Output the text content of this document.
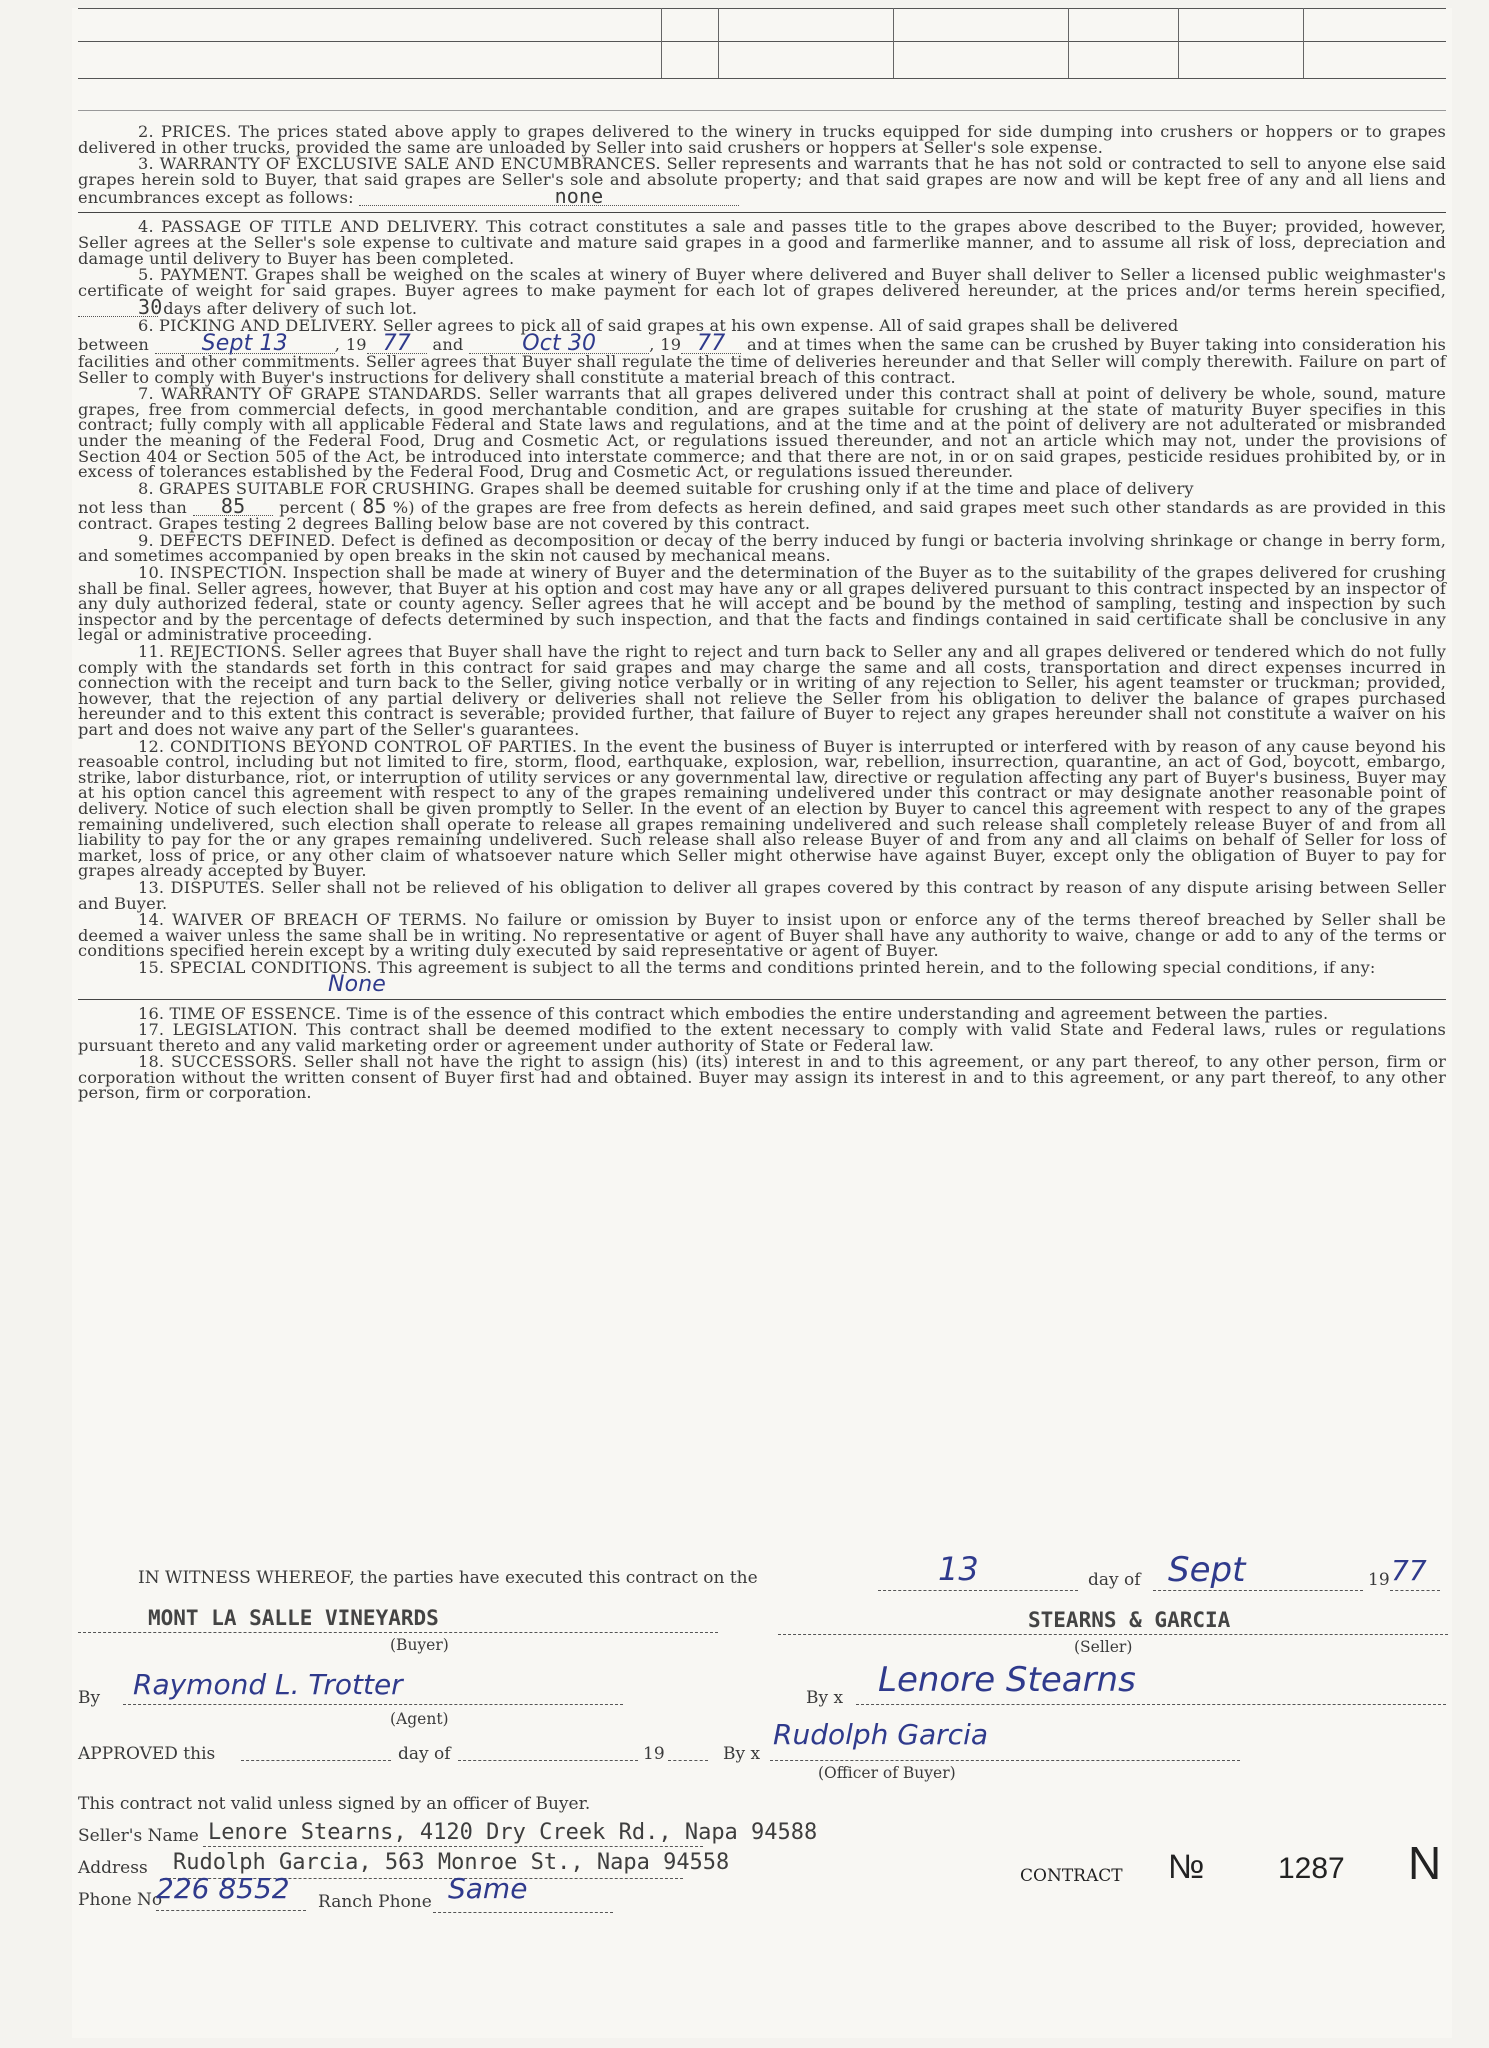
2. PRICES. The prices stated above apply to grapes delivered to the winery in trucks equipped for side dumping into crushers or hoppers or to grapes delivered in other trucks, provided the same are unloaded by Seller into said crushers or hoppers at Seller's sole expense.

3. WARRANTY OF EXCLUSIVE SALE AND ENCUMBRANCES. Seller represents and warrants that he has not sold or contracted to sell to anyone else said grapes herein sold to Buyer, that said grapes are Seller's sole and absolute property; and that said grapes are now and will be kept free of any and all liens and encumbrances except as follows:	none

4. PASSAGE OF TITLE AND DELIVERY. This cotract constitutes a sale and passes title to the grapes above described to the Buyer; provided, however, Seller agrees at the Seller's sole expense to cultivate and mature said grapes in a good and farmerlike manner, and to assume all risk of loss, depreciation and damage until delivery to Buyer has been completed.

5. PAYMENT. Grapes shall be weighed on the scales at winery of Buyer where delivered and Buyer shall deliver to Seller a licensed public weighmaster's certificate of weight for said grapes. Buyer agrees to make payment for each lot of grapes delivered hereunder, at the prices and/or terms herein specified, 30 days after delivery of such lot.

6. PICKING AND DELIVERY. Seller agrees to pick all of said grapes at his own expense. All of said grapes shall be delivered

between Sept 13	, 19 77 and	Oct 30	, 19 77 and at times when the same can be crushed by Buyer taking into consideration his facilities and other commitments. Seller agrees that Buyer shall regulate the time of deliveries hereunder and that Seller will comply therewith. Failure on part of Seller to comply with Buyer's instructions for delivery shall constitute a material breach of this contract.

7. WARRANTY OF GRAPE STANDARDS. Seller warrants that all grapes delivered under this contract shall at point of delivery be whole, sound, mature grapes, free from commercial defects, in good merchantable condition, and are grapes suitable for crushing at the state of maturity Buyer specifies in this contract; fully comply with all applicable Federal and State laws and regulations, and at the time and at the point of delivery are not adulterated or misbranded under the meaning of the Federal Food, Drug and Cosmetic Act, or regulations issued thereunder, and not an article which may not, under the provisions of Section 404 or Section 505 of the Act, be introduced into interstate commerce; and that there are not, in or on said grapes, pesticide residues prohibited by, or in excess of tolerances established by the Federal Food, Drug and Cosmetic Act, or regulations issued thereunder.

8. GRAPES SUITABLE FOR CRUSHING. Grapes shall be deemed suitable for crushing only if at the time and place of delivery

not less than 85 percent ( 85 %) of the grapes are free from defects as herein defined, and said grapes meet such other standards as are provided in this contract. Grapes testing 2 degrees Balling below base are not covered by this contract.

9. DEFECTS DEFINED. Defect is defined as decomposition or decay of the berry induced by fungi or bacteria involving shrinkage or change in berry form, and sometimes accompanied by open breaks in the skin not caused by mechanical means.

10. INSPECTION. Inspection shall be made at winery of Buyer and the determination of the Buyer as to the suitability of the grapes delivered for crushing shall be final. Seller agrees, however, that Buyer at his option and cost may have any or all grapes delivered pursuant to this contract inspected by an inspector of any duly authorized federal, state or county agency. Seller agrees that he will accept and be bound by the method of sampling, testing and inspection by such inspector and by the percentage of defects determined by such inspection, and that the facts and findings contained in said certificate shall be conclusive in any legal or administrative proceeding.

11. REJECTIONS. Seller agrees that Buyer shall have the right to reject and turn back to Seller any and all grapes delivered or tendered which do not fully comply with the standards set forth in this contract for said grapes and may charge the same and all costs, transportation and direct expenses incurred in connection with the receipt and turn back to the Seller, giving notice verbally or in writing of any rejection to Seller, his agent teamster or truckman; provided, however, that the rejection of any partial delivery or deliveries shall not relieve the Seller from his obligation to deliver the balance of grapes purchased hereunder and to this extent this contract is severable; provided further, that failure of Buyer to reject any grapes hereunder shall not constitute a waiver on his part and does not waive any part of the Seller's guarantees.

12. CONDITIONS BEYOND CONTROL OF PARTIES. In the event the business of Buyer is interrupted or interfered with by reason of any cause beyond his reasoable control, including but not limited to fire, storm, flood, earthquake, explosion, war, rebellion, insurrection, quarantine, an act of God, boycott, embargo, strike, labor disturbance, riot, or interruption of utility services or any governmental law, directive or regulation affecting any part of Buyer's business, Buyer may at his option cancel this agreement with respect to any of the grapes remaining undelivered under this contract or may designate another reasonable point of delivery. Notice of such election shall be given promptly to Seller. In the event of an election by Buyer to cancel this agreement with respect to any of the grapes remaining undelivered, such election shall operate to release all grapes remaining undelivered and such release shall completely release Buyer of and from all liability to pay for the or any grapes remaining undelivered. Such release shall also release Buyer of and from any and all claims on behalf of Seller for loss of market, loss of price, or any other claim of whatsoever nature which Seller might otherwise have against Buyer, except only the obligation of Buyer to pay for grapes already accepted by Buyer.

13. DISPUTES. Seller shall not be relieved of his obligation to deliver all grapes covered by this contract by reason of any dispute arising between Seller and Buyer.

14. WAIVER OF BREACH OF TERMS. No failure or omission by Buyer to insist upon or enforce any of the terms thereof breached by Seller shall be deemed a waiver unless the same shall be in writing. No representative or agent of Buyer shall have any authority to waive, change or add to any of the terms or conditions specified herein except by a writing duly executed by said representative or agent of Buyer.

15. SPECIAL CONDITIONS. This agreement is subject to all the terms and conditions printed herein, and to the following special conditions, if any:

None

16. TIME OF ESSENCE. Time is of the essence of this contract which embodies the entire understanding and agreement between the parties.

17. LEGISLATION. This contract shall be deemed modified to the extent necessary to comply with valid State and Federal laws, rules or regulations pursuant thereto and any valid marketing order or agreement under authority of State or Federal law.

18. SUCCESSORS. Seller shall not have the right to assign (his) (its) interest in and to this agreement, or any part thereof, to any other person, firm or corporation without the written consent of Buyer first had and obtained. Buyer may assign its interest in and to this agreement, or any part thereof, to any other person, firm or corporation.

IN WITNESS WHEREOF, the parties have executed this contract on the	13	day of Sept	19 77
MONT LA SALLE VINEYARDS
(Buyer)
STEARNS & GARCIA
(Seller)
By Raymond L. Trotter
(Agent)
By x Lenore Stearns
APPROVED this	day of	19	By x
Rudolph Garcia
(Officer of Buyer)
This contract not valid unless signed by an officer of Buyer.
Seller's Name Lenore Stearns, 4120 Dry Creek Rd., Napa 94588
Address Rudolph Garcia, 563 Monroe St., Napa 94558
Phone No
226 8552 Ranch Phone Same	CONTRACT № 1287 N
